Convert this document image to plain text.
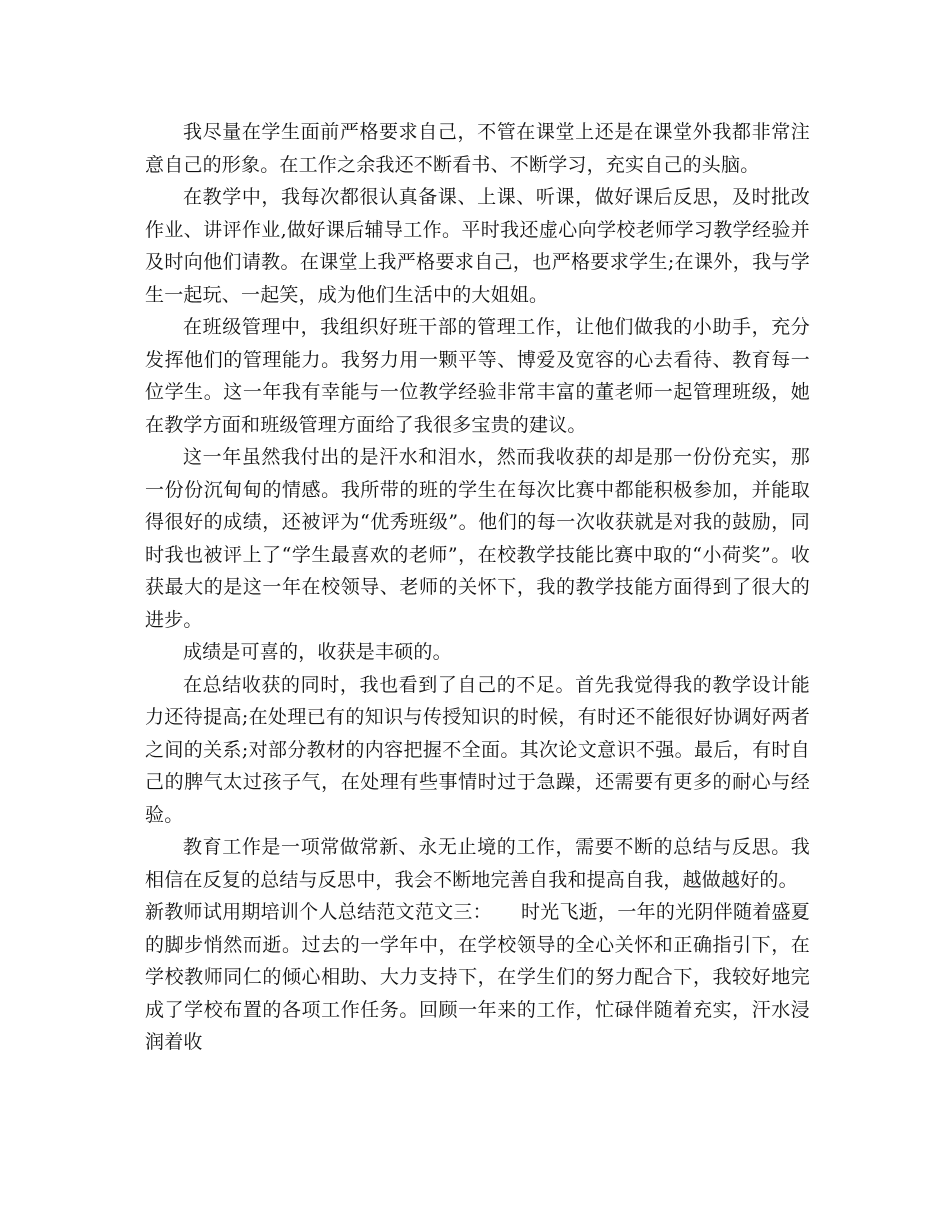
我尽量在学生面前严格要求自己，不管在课堂上还是在课堂外我都非常注意自己的形象。在工作之余我还不断看书、不断学习，充实自己的头脑。

在教学中，我每次都很认真备课、上课、听课，做好课后反思，及时批改作业、讲评作业,做好课后辅导工作。平时我还虚心向学校老师学习教学经验并及时向他们请教。在课堂上我严格要求自己，也严格要求学生;在课外，我与学生一起玩、一起笑，成为他们生活中的大姐姐。

在班级管理中，我组织好班干部的管理工作，让他们做我的小助手，充分发挥他们的管理能力。我努力用一颗平等、博爱及宽容的心去看待、教育每一位学生。这一年我有幸能与一位教学经验非常丰富的董老师一起管理班级，她在教学方面和班级管理方面给了我很多宝贵的建议。

这一年虽然我付出的是汗水和泪水，然而我收获的却是那一份份充实，那一份份沉甸甸的情感。我所带的班的学生在每次比赛中都能积极参加，并能取得很好的成绩，还被评为“优秀班级”。他们的每一次收获就是对我的鼓励，同时我也被评上了“学生最喜欢的老师”，在校教学技能比赛中取的“小荷奖”。收获最大的是这一年在校领导、老师的关怀下，我的教学技能方面得到了很大的进步。

成绩是可喜的，收获是丰硕的。

在总结收获的同时，我也看到了自己的不足。首先我觉得我的教学设计能力还待提高;在处理已有的知识与传授知识的时候，有时还不能很好协调好两者之间的关系;对部分教材的内容把握不全面。其次论文意识不强。最后，有时自己的脾气太过孩子气，在处理有些事情时过于急躁，还需要有更多的耐心与经验。

教育工作是一项常做常新、永无止境的工作，需要不断的总结与反思。我相信在反复的总结与反思中，我会不断地完善自我和提高自我，越做越好的。

新教师试用期培训个人总结范文范文三：　　时光飞逝，一年的光阴伴随着盛夏的脚步悄然而逝。过去的一学年中，在学校领导的全心关怀和正确指引下，在学校教师同仁的倾心相助、大力支持下，在学生们的努力配合下，我较好地完成了学校布置的各项工作任务。回顾一年来的工作，忙碌伴随着充实，汗水浸润着收
